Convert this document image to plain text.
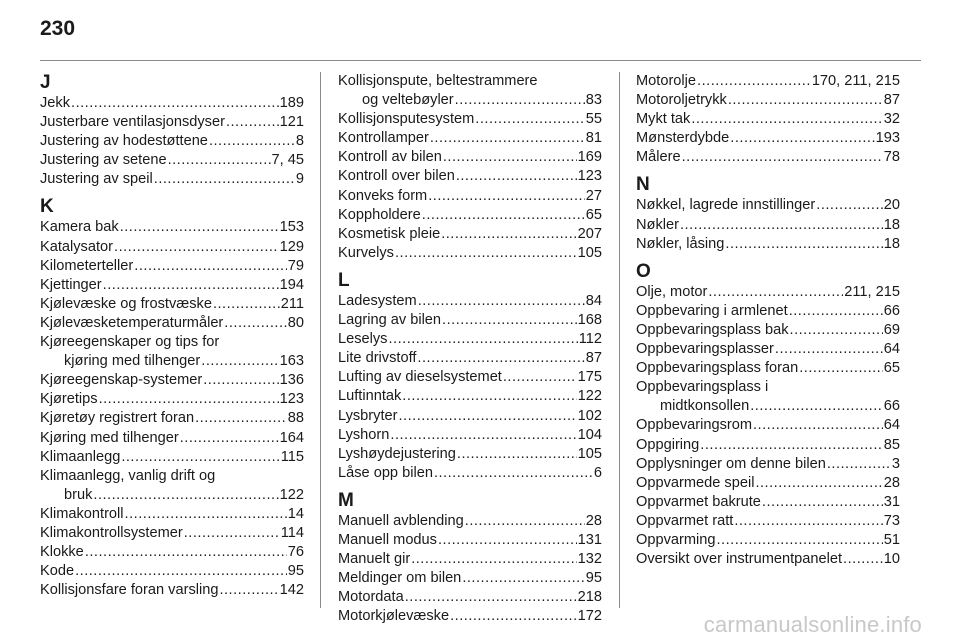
230
J
Jekk .....	189
Justerbare ventilasjonsdyser .....	121
Justering av hodestøttene .....	8
Justering av setene .....	7, 45
Justering av speil .....	9
K
Kamera bak .....	153
Katalysator .....	129
Kilometerteller .....	79
Kjettinger .....	194
Kjølevæske og frostvæske .....	211
Kjølevæsketemperaturmåler .....	80
Kjøreegenskaper og tips for
kjøring med tilhenger .....	163
Kjøreegenskap-systemer .....	136
Kjøretips .....	123
Kjøretøy registrert foran .....	88
Kjøring med tilhenger .....	164
Klimaanlegg .....	115
Klimaanlegg, vanlig drift og
bruk .....	122
Klimakontroll .....	14
Klimakontrollsystemer .....	114
Klokke .....	76
Kode .....	95
Kollisjonsfare foran varsling .....	142
Kollisjonspute, beltestrammere
og veltebøyler .....	83
Kollisjonsputesystem .....	55
Kontrollamper .....	81
Kontroll av bilen .....	169
Kontroll over bilen .....	123
Konveks form .....	27
Koppholdere .....	65
Kosmetisk pleie .....	207
Kurvelys .....	105
L
Ladesystem .....	84
Lagring av bilen .....	168
Leselys .....	112
Lite drivstoff .....	87
Lufting av dieselsystemet .....	175
Luftinntak .....	122
Lysbryter .....	102
Lyshorn .....	104
Lyshøydejustering .....	105
Låse opp bilen .....	6
M
Manuell avblending .....	28
Manuell modus .....	131
Manuelt gir .....	132
Meldinger om bilen .....	95
Motordata .....	218
Motorkjølevæske .....	172
Motorolje .....	170, 211, 215
Motoroljetrykk .....	87
Mykt tak .....	32
Mønsterdybde .....	193
Målere .....	78
N
Nøkkel, lagrede innstillinger .....	20
Nøkler .....	18
Nøkler, låsing .....	18
O
Olje, motor .....	211, 215
Oppbevaring i armlenet .....	66
Oppbevaringsplass bak .....	69
Oppbevaringsplasser .....	64
Oppbevaringsplass foran .....	65
Oppbevaringsplass i
midtkonsollen .....	66
Oppbevaringsrom .....	64
Oppgiring .....	85
Opplysninger om denne bilen .....	3
Oppvarmede speil .....	28
Oppvarmet bakrute .....	31
Oppvarmet ratt .....	73
Oppvarming .....	51
Oversikt over instrumentpanelet .....	10
carmanualsonline.info
